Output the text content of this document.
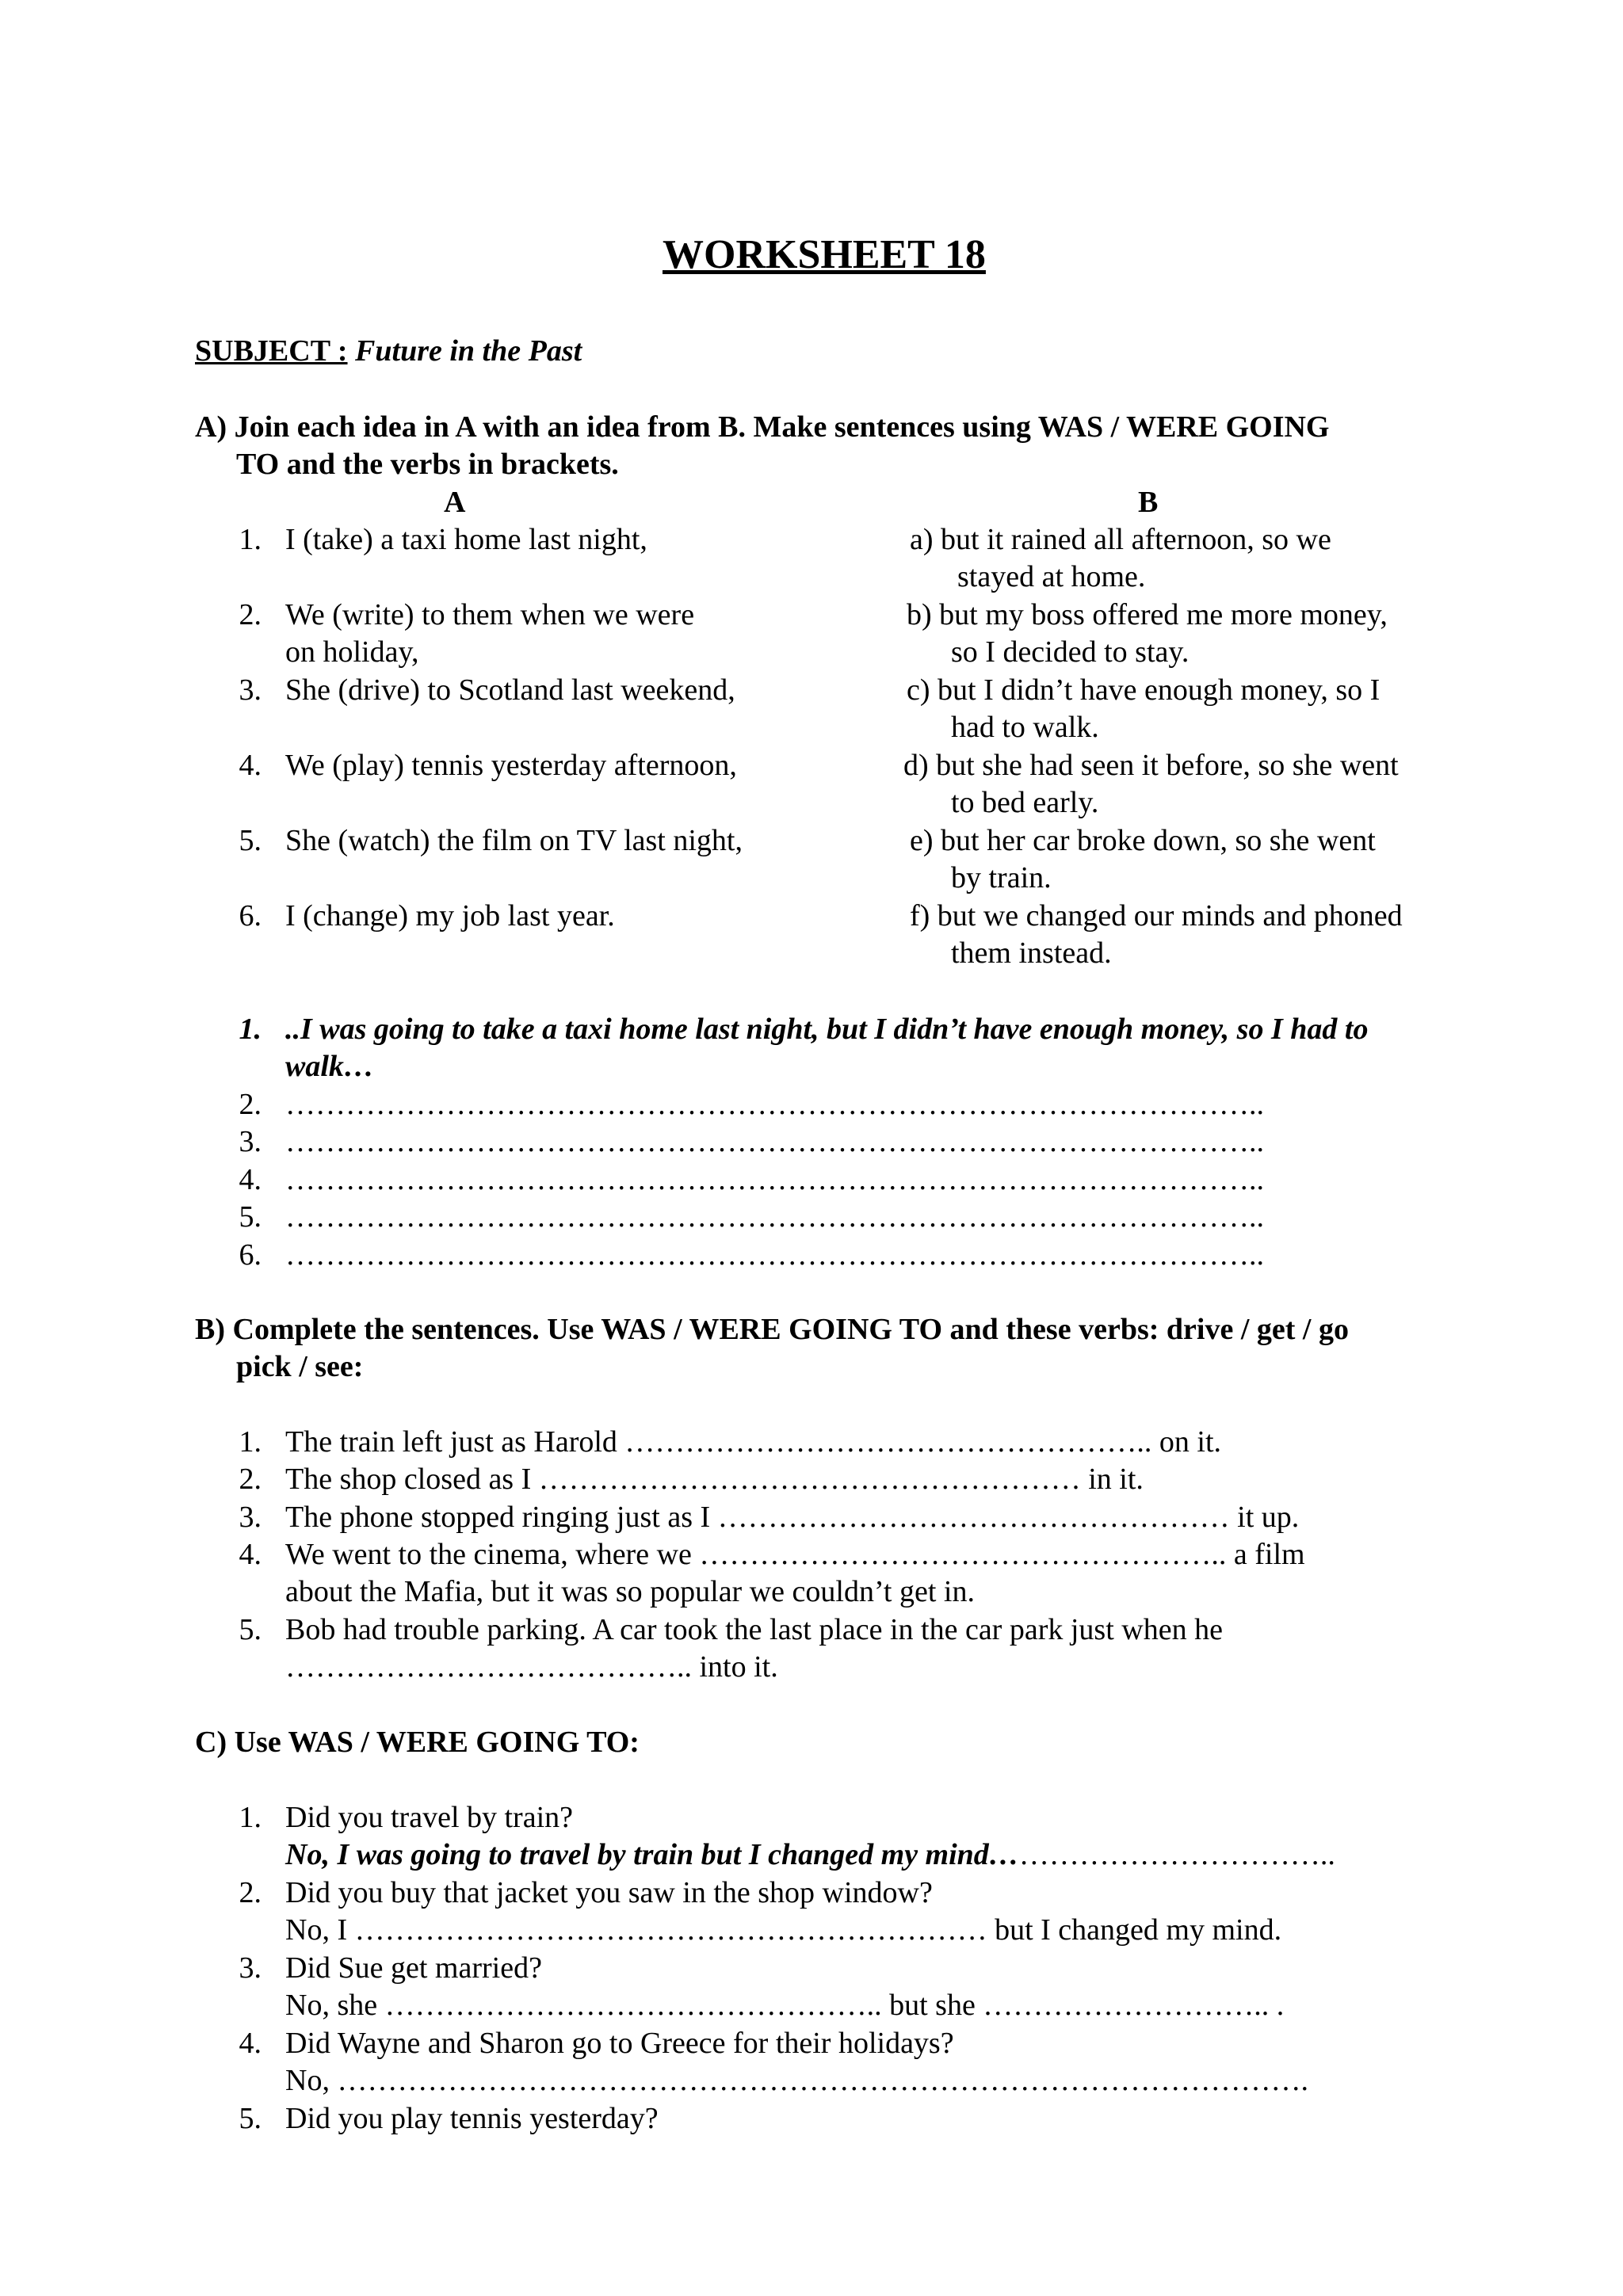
WORKSHEET 18
SUBJECT : Future in the Past
A) Join each idea in A with an idea from B. Make sentences using WAS / WERE GOING
TO and the verbs in brackets.
A	B
1. I (take) a taxi home last night,
2. We (write) to them when we were
on holiday,
3. She (drive) to Scotland last weekend,
4. We (play) tennis yesterday afternoon,
5. She (watch) the film on TV last night,
6. I (change) my job last year.
a) but it rained all afternoon, so we
stayed at home.
b) but my boss offered me more money,
so I decided to stay.
c) but I didn’t have enough money, so I
had to walk.
d) but she had seen it before, so she went
to bed early.
e) but her car broke down, so she went
by train.
f) but we changed our minds and phoned
them instead.
1. ..I was going to take a taxi home last night, but I didn’t have enough money, so I had to
walk…
2. ……………………………………………………………………………………..
3. ……………………………………………………………………………………..
4. ……………………………………………………………………………………..
5. ……………………………………………………………………………………..
6. ……………………………………………………………………………………..
B) Complete the sentences. Use WAS / WERE GOING TO and these verbs: drive / get / go
pick / see:
1. The train left just as Harold …………………………………………….. on it.
2. The shop closed as I ……………………………………………… in it.
3. The phone stopped ringing just as I …………………………………………… it up.
4. We went to the cinema, where we …………………………………………….. a film
about the Mafia, but it was so popular we couldn’t get in.
5. Bob had trouble parking. A car took the last place in the car park just when he
………………………………….. into it.
C) Use WAS / WERE GOING TO:
1. Did you travel by train?
No, I was going to travel by train but I changed my mind……………………………..
2. Did you buy that jacket you saw in the shop window?
No, I ……………………………………………………… but I changed my mind.
3. Did Sue get married?
No, she ………………………………………….. but she ……………………….. .
4. Did Wayne and Sharon go to Greece for their holidays?
No, …………………………………………………………………………………….
5. Did you play tennis yesterday?
